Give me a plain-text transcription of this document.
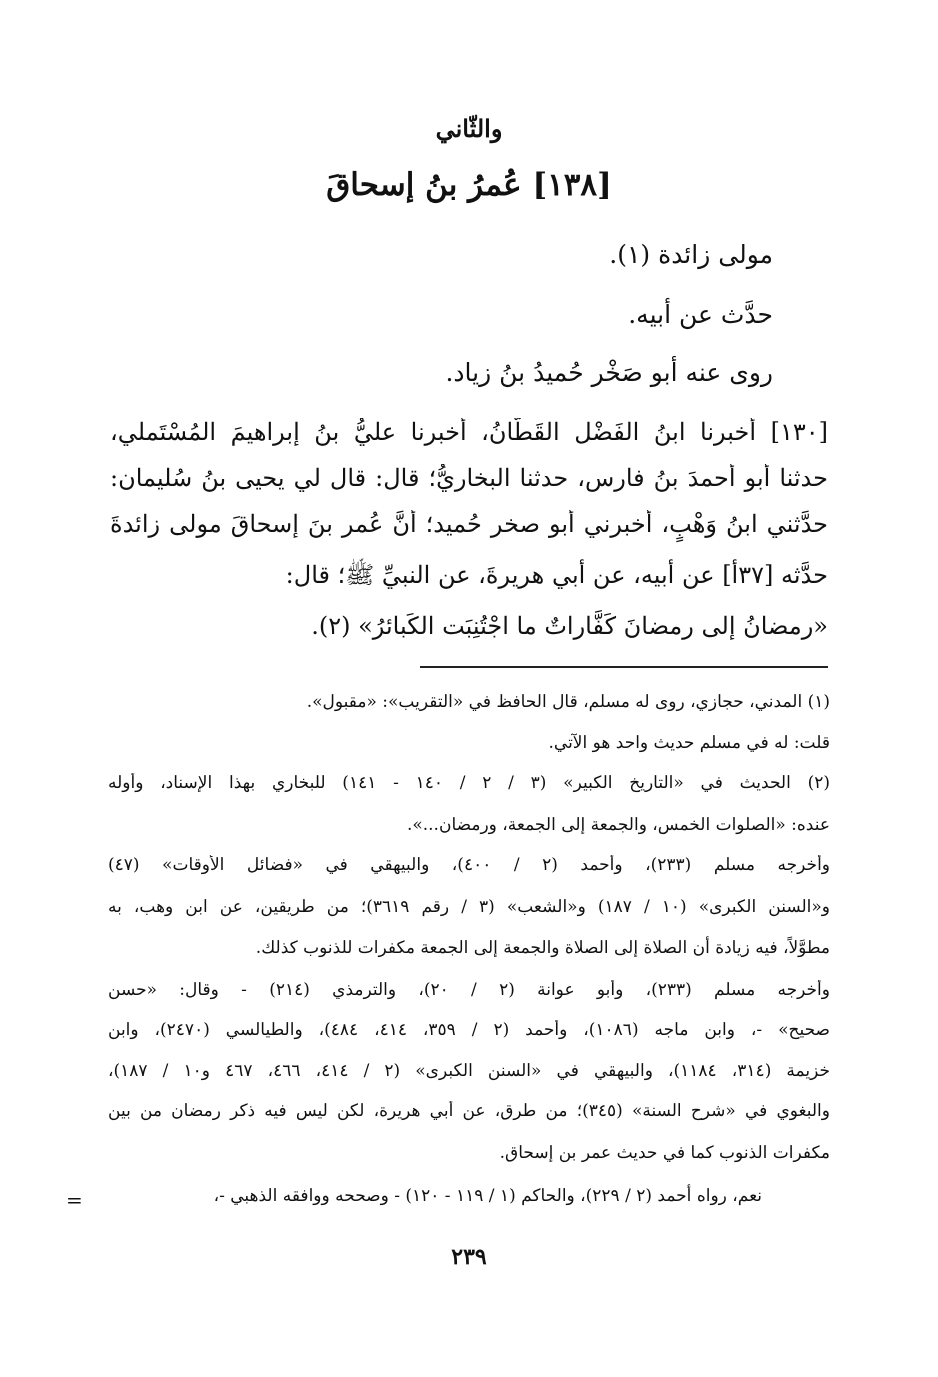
والثّاني
[١٣٨] عُمرُ بنُ إسحاقَ
مولى زائدة (١).
حدَّث عن أبيه.
روى عنه أبو صَخْر حُميدُ بنُ زياد.
[١٣٠] أخبرنا ابنُ الفَضْل القَطَّانُ، أخبرنا عليُّ بنُ إبراهيمَ المُسْتَملي،
حدثنا أبو أحمدَ بنُ فارس، حدثنا البخاريُّ؛ قال: قال لي يحيى بنُ سُليمان:
حدَّثني ابنُ وَهْبٍ، أخبرني أبو صخر حُميد؛ أنَّ عُمر بنَ إسحاقَ مولى زائدةَ
حدَّثه [٣٧أ] عن أبيه، عن أبي هريرةَ، عن النبيِّ ﷺ؛ قال:
«رمضانُ إلى رمضانَ كَفَّاراتٌ ما اجْتُنِبَت الكَبائرُ» (٢).
(١) المدني، حجازي، روى له مسلم، قال الحافظ في «التقريب»: «مقبول».
قلت: له في مسلم حديث واحد هو الآتي.
(٢) الحديث في «التاريخ الكبير» (٣ / ٢ / ١٤٠ - ١٤١) للبخاري بهذا الإسناد، وأوله
عنده: «الصلوات الخمس، والجمعة إلى الجمعة، ورمضان...».
وأخرجه مسلم (٢٣٣)، وأحمد (٢ / ٤٠٠)، والبيهقي في «فضائل الأوقات» (٤٧)
و«السنن الكبرى» (١٠ / ١٨٧) و«الشعب» (٣ / رقم ٣٦١٩)؛ من طريقين، عن ابن وهب، به
مطوَّلاً، فيه زيادة أن الصلاة إلى الصلاة والجمعة إلى الجمعة مكفرات للذنوب كذلك.
وأخرجه مسلم (٢٣٣)، وأبو عوانة (٢ / ٢٠)، والترمذي (٢١٤) - وقال: «حسن
صحيح» -، وابن ماجه (١٠٨٦)، وأحمد (٢ / ٣٥٩، ٤١٤، ٤٨٤)، والطيالسي (٢٤٧٠)، وابن
خزيمة (٣١٤، ١١٨٤)، والبيهقي في «السنن الكبرى» (٢ / ٤١٤، ٤٦٦، ٤٦٧ و١٠ / ١٨٧)،
والبغوي في «شرح السنة» (٣٤٥)؛ من طرق، عن أبي هريرة، لكن ليس فيه ذكر رمضان من بين
مكفرات الذنوب كما في حديث عمر بن إسحاق.
نعم، رواه أحمد (٢ / ٢٢٩)، والحاكم (١ / ١١٩ - ١٢٠) - وصححه ووافقه الذهبي -،
=
٢٣٩
